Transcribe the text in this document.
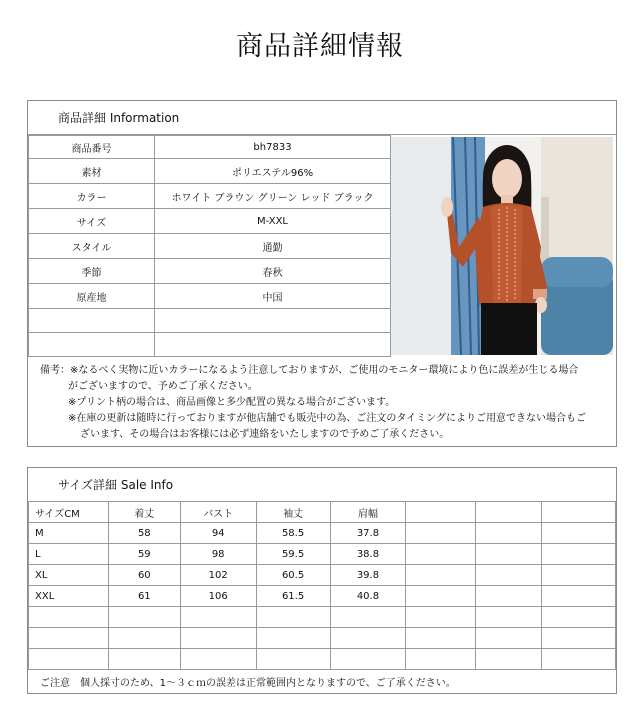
商品詳細情報
商品詳細 Information
商品番号	bh7833
素材	ポリエステル96%
カラー	ホワイト ブラウン グリーン レッド ブラック
サイズ	M-XXL
スタイル	通勤
季節	春秋
原産地	中国

備考：※なるべく実物に近いカラーになるよう注意しておりますが、ご使用のモニター環境により色に誤差が生じる場合
がございますので、予めご了承ください。
※プリント柄の場合は、商品画像と多少配置の異なる場合がございます。
※在庫の更新は随時に行っておりますが他店舗でも販売中の為、ご注文のタイミングによりご用意できない場合もご
ざいます、その場合はお客様には必ず連絡をいたしますので予めご了承ください。
サイズ詳細 Sale Info
サイズCM	着丈	バスト	袖丈	肩幅			
M	58	94	58.5	37.8			
L	59	98	59.5	38.8			
XL	60	102	60.5	39.8			
XXL	61	106	61.5	40.8			

ご注意　個人採寸のため、1～３ｃｍの誤差は正常範囲内となりますので、ご了承ください。
